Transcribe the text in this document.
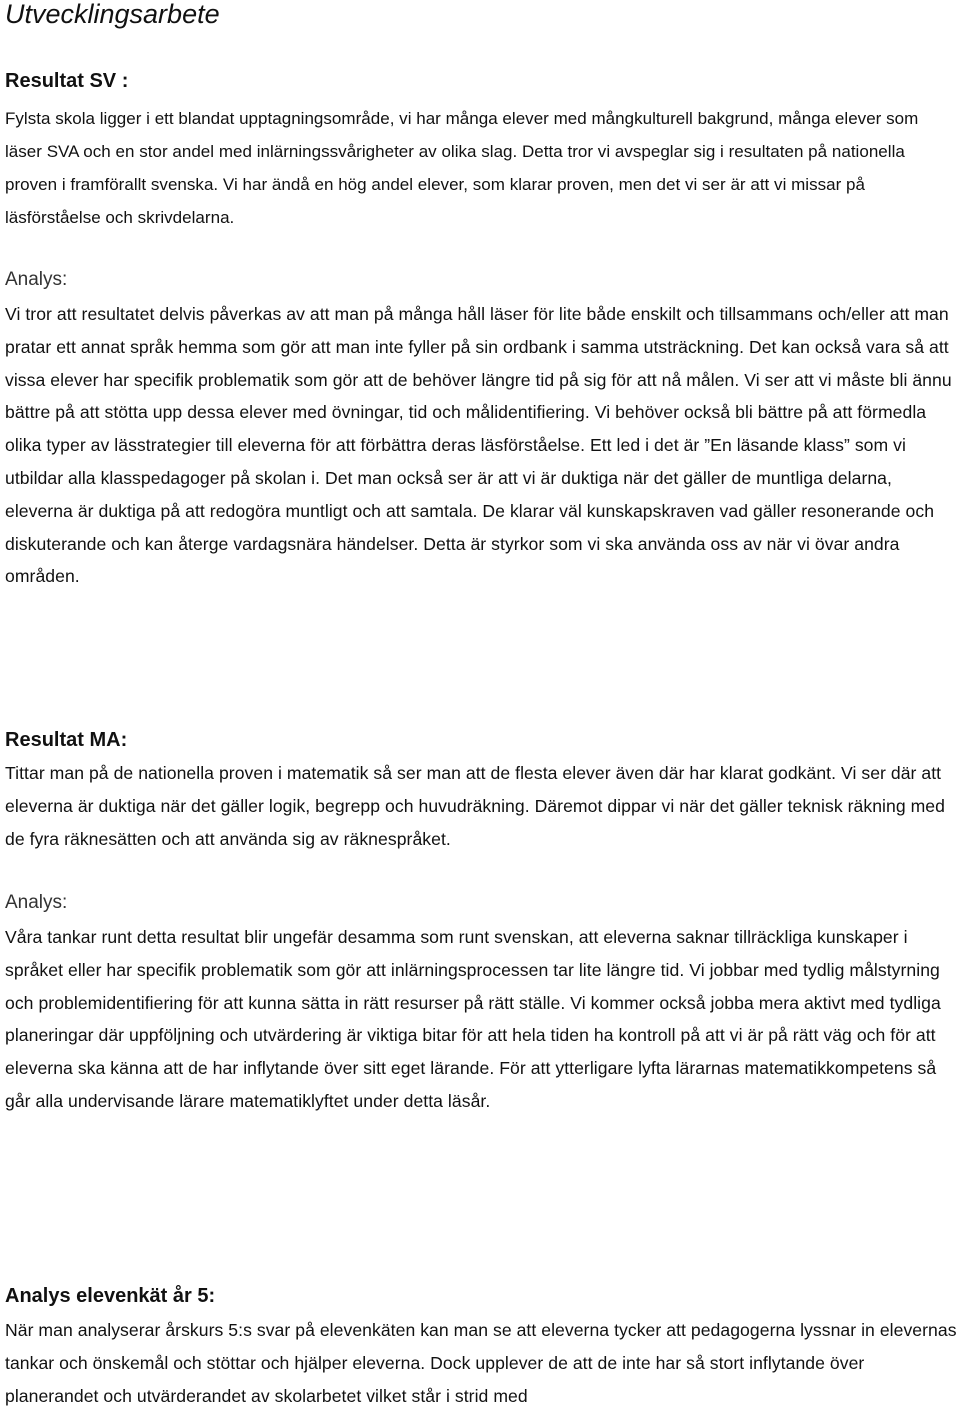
Utvecklingsarbete
Resultat SV :

Fylsta skola ligger i ett blandat upptagningsområde, vi har många elever med mångkulturell bakgrund, många elever som läser SVA och en stor andel med inlärningssvårigheter av olika slag. Detta tror vi avspeglar sig i resultaten på nationella proven i framförallt svenska. Vi har ändå en hög andel elever, som klarar proven, men det vi ser är att vi missar på läsförståelse och skrivdelarna.

Analys:

Vi tror att resultatet delvis påverkas av att man på många håll läser för lite både enskilt och tillsammans och/eller att man pratar ett annat språk hemma som gör att man inte fyller på sin ordbank i samma utsträckning. Det kan också vara så att vissa elever har specifik problematik som gör att de behöver längre tid på sig för att nå målen. Vi ser att vi måste bli ännu bättre på att stötta upp dessa elever med övningar, tid och målidentifiering. Vi behöver också bli bättre på att förmedla olika typer av lässtrategier till eleverna för att förbättra deras läsförståelse. Ett led i det är ”En läsande klass” som vi utbildar alla klasspedagoger på skolan i. Det man också ser är att vi är duktiga när det gäller de muntliga delarna, eleverna är duktiga på att redogöra muntligt och att samtala. De klarar väl kunskapskraven vad gäller resonerande och diskuterande och kan återge vardagsnära händelser. Detta är styrkor som vi ska använda oss av när vi övar andra områden.

Resultat MA:

Tittar man på de nationella proven i matematik så ser man att de flesta elever även där har klarat godkänt. Vi ser där att eleverna är duktiga när det gäller logik, begrepp och huvudräkning. Däremot dippar vi när det gäller teknisk räkning med de fyra räknesätten och att använda sig av räknespråket.

Analys:

Våra tankar runt detta resultat blir ungefär desamma som runt svenskan, att eleverna saknar tillräckliga kunskaper i språket eller har specifik problematik som gör att inlärningsprocessen tar lite längre tid. Vi jobbar med tydlig målstyrning och problemidentifiering för att kunna sätta in rätt resurser på rätt ställe. Vi kommer också jobba mera aktivt med tydliga planeringar där uppföljning och utvärdering är viktiga bitar för att hela tiden ha kontroll på att vi är på rätt väg och för att eleverna ska känna att de har inflytande över sitt eget lärande. För att ytterligare lyfta lärarnas matematikkompetens så går alla undervisande lärare matematiklyftet under detta läsår.

Analys elevenkät år 5:

När man analyserar årskurs 5:s svar på elevenkäten kan man se att eleverna tycker att pedagogerna lyssnar in elevernas tankar och önskemål och stöttar och hjälper eleverna. Dock upplever de att de inte har så stort inflytande över planerandet och utvärderandet av skolarbetet vilket står i strid med
